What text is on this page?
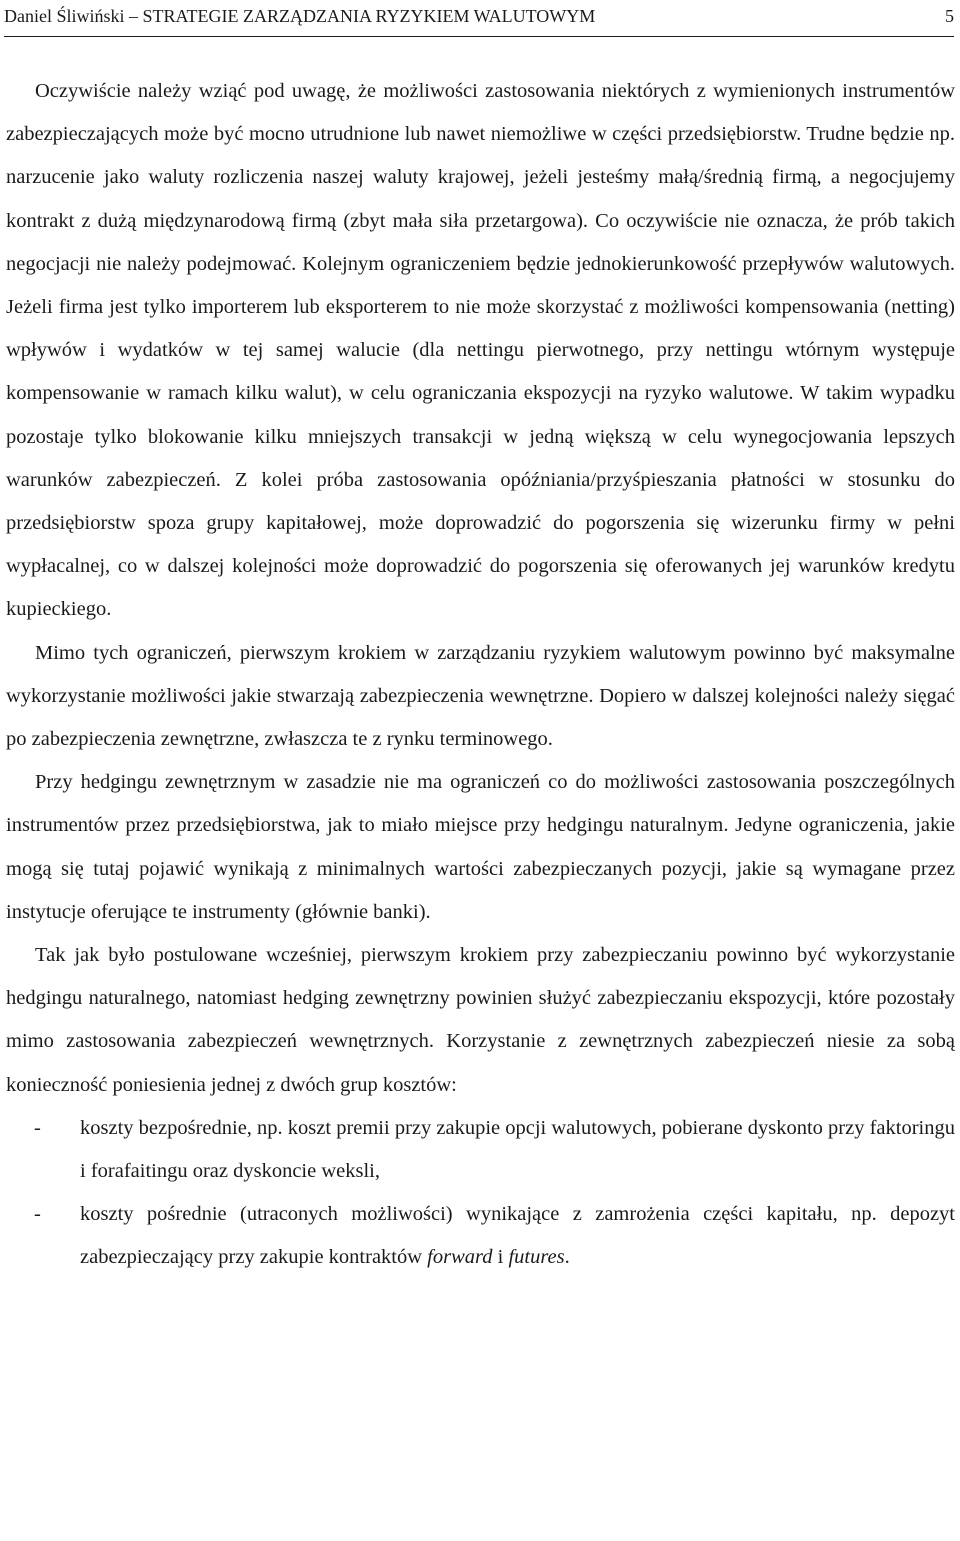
Daniel Śliwiński – STRATEGIE ZARZĄDZANIA RYZYKIEM WALUTOWYM	5

Oczywiście należy wziąć pod uwagę, że możliwości zastosowania niektórych z wymienionych instrumentów zabezpieczających może być mocno utrudnione lub nawet niemożliwe w części przedsiębiorstw. Trudne będzie np. narzucenie jako waluty rozliczenia naszej waluty krajowej, jeżeli jesteśmy małą/średnią firmą, a negocjujemy kontrakt z dużą międzynarodową firmą (zbyt mała siła przetargowa). Co oczywiście nie oznacza, że prób takich negocjacji nie należy podejmować. Kolejnym ograniczeniem będzie jednokierunkowość przepływów walutowych. Jeżeli firma jest tylko importerem lub eksporterem to nie może skorzystać z możliwości kompensowania (netting) wpływów i wydatków w tej samej walucie (dla nettingu pierwotnego, przy nettingu wtórnym występuje kompensowanie w ramach kilku walut), w celu ograniczania ekspozycji na ryzyko walutowe. W takim wypadku pozostaje tylko blokowanie kilku mniejszych transakcji w jedną większą w celu wynegocjowania lepszych warunków zabezpieczeń. Z kolei próba zastosowania opóźniania/przyśpieszania płatności w stosunku do przedsiębiorstw spoza grupy kapitałowej, może doprowadzić do pogorszenia się wizerunku firmy w pełni wypłacalnej, co w dalszej kolejności może doprowadzić do pogorszenia się oferowanych jej warunków kredytu kupieckiego.

Mimo tych ograniczeń, pierwszym krokiem w zarządzaniu ryzykiem walutowym powinno być maksymalne wykorzystanie możliwości jakie stwarzają zabezpieczenia wewnętrzne. Dopiero w dalszej kolejności należy sięgać po zabezpieczenia zewnętrzne, zwłaszcza te z rynku terminowego.

Przy hedgingu zewnętrznym w zasadzie nie ma ograniczeń co do możliwości zastosowania poszczególnych instrumentów przez przedsiębiorstwa, jak to miało miejsce przy hedgingu naturalnym. Jedyne ograniczenia, jakie mogą się tutaj pojawić wynikają z minimalnych wartości zabezpieczanych pozycji, jakie są wymagane przez instytucje oferujące te instrumenty (głównie banki).

Tak jak było postulowane wcześniej, pierwszym krokiem przy zabezpieczaniu powinno być wykorzystanie hedgingu naturalnego, natomiast hedging zewnętrzny powinien służyć zabezpieczaniu ekspozycji, które pozostały mimo zastosowania zabezpieczeń wewnętrznych. Korzystanie z zewnętrznych zabezpieczeń niesie za sobą konieczność poniesienia jednej z dwóch grup kosztów:

- koszty bezpośrednie, np. koszt premii przy zakupie opcji walutowych, pobierane dyskonto przy faktoringu i forafaitingu oraz dyskoncie weksli,
- koszty pośrednie (utraconych możliwości) wynikające z zamrożenia części kapitału, np. depozyt zabezpieczający przy zakupie kontraktów forward i futures.
